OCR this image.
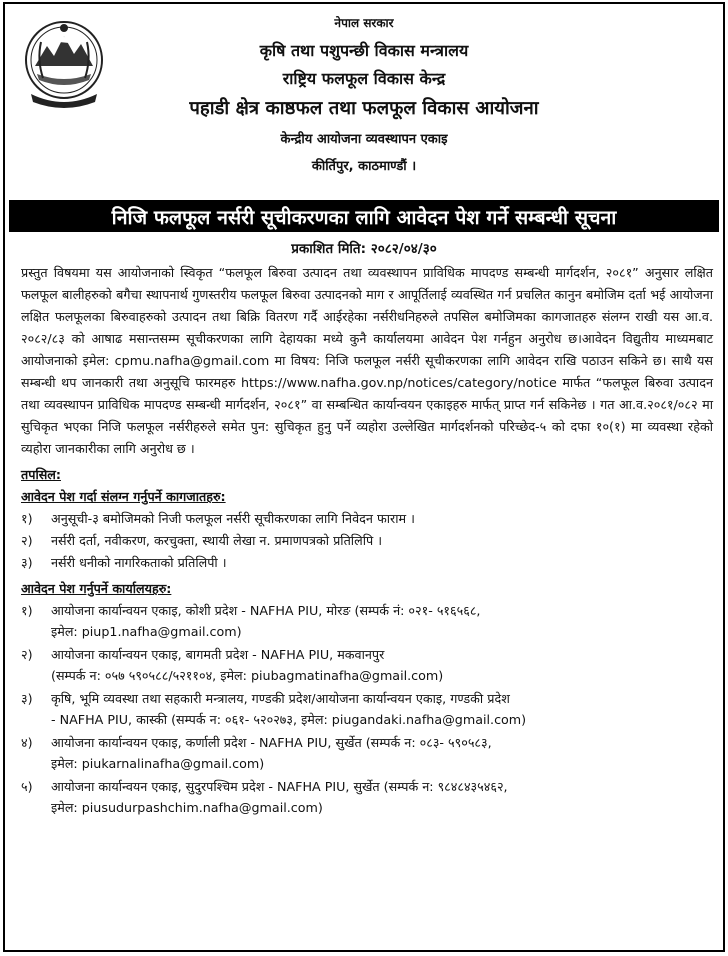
नेपाल सरकार
कृषि तथा पशुपन्छी विकास मन्त्रालय
राष्ट्रिय फलफूल विकास केन्द्र
पहाडी क्षेत्र काष्ठफल तथा फलफूल विकास आयोजना
केन्द्रीय आयोजना व्यवस्थापन एकाइ
कीर्तिपुर, काठमाण्डौं ।
निजि फलफूल नर्सरी सूचीकरणका लागि आवेदन पेश गर्ने सम्बन्धी सूचना
प्रकाशित मिति: २०८२/०४/३०
प्रस्तुत विषयमा यस आयोजनाको स्विकृत “फलफूल बिरुवा उत्पादन तथा व्यवस्थापन प्राविधिक मापदण्ड सम्बन्धी मार्गदर्शन, २०८१” अनुसार लक्षित फलफूल बालीहरुको बगैचा स्थापनार्थ गुणस्तरीय फलफूल बिरुवा उत्पादनको माग र आपूर्तिलाई व्यवस्थित गर्न प्रचलित कानुन बमोजिम दर्ता भई आयोजना लक्षित फलफूलका बिरुवाहरुको उत्पादन तथा बिक्रि वितरण गर्दै आईरहेका नर्सरीधनिहरुले तपसिल बमोजिमका कागजातहरु संलग्न राखी यस आ.व. २०८२/८३ को आषाढ मसान्तसम्म सूचीकरणका लागि देहायका मध्ये कुनै कार्यालयमा आवेदन पेश गर्नहुन अनुरोध छ।आवेदन विद्युतीय माध्यमबाट आयोजनाको इमेल: cpmu.nafha@gmail.com मा विषय: निजि फलफूल नर्सरी सूचीकरणका लागि आवेदन राखि पठाउन सकिने छ। साथै यस सम्बन्धी थप जानकारी तथा अनुसूचि फारमहरु https://www.nafha.gov.np/notices/category/notice मार्फत “फलफूल बिरुवा उत्पादन तथा व्यवस्थापन प्राविधिक मापदण्ड सम्बन्धी मार्गदर्शन, २०८१” वा सम्बन्धित कार्यान्वयन एकाइहरु मार्फत् प्राप्त गर्न सकिनेछ । गत आ.व.२०८१/०८२ मा सुचिकृत भएका निजि फलफूल नर्सरीहरुले समेत पुन: सुचिकृत हुनु पर्ने व्यहोरा उल्लेखित मार्गदर्शनको परिच्छेद-५ को दफा १०(१) मा व्यवस्था रहेको व्यहोरा जानकारीका लागि अनुरोध छ ।
तपसिल:
आवेदन पेश गर्दा संलग्न गर्नुपर्ने कागजातहरु:
१) अनुसूची-३ बमोजिमको निजी फलफूल नर्सरी सूचीकरणका लागि निवेदन फाराम ।
२) नर्सरी दर्ता, नवीकरण, करचुक्ता, स्थायी लेखा न. प्रमाणपत्रको प्रतिलिपि ।
३) नर्सरी धनीको नागरिकताको प्रतिलिपी ।
आवेदन पेश गर्नुपर्ने कार्यालयहरु:
१) आयोजना कार्यान्वयन एकाइ, कोशी प्रदेश - NAFHA PIU, मोरङ (सम्पर्क नं: ०२१- ५१६५६८,
इमेल: piup1.nafha@gmail.com)
२) आयोजना कार्यान्वयन एकाइ, बागमती प्रदेश - NAFHA PIU, मकवानपुर
(सम्पर्क न: ०५७ ५९०५८८/५२११०४, इमेल: piubagmatinafha@gmail.com)
३) कृषि, भूमि व्यवस्था तथा सहकारी मन्त्रालय, गण्डकी प्रदेश/आयोजना कार्यान्वयन एकाइ, गण्डकी प्रदेश
- NAFHA PIU, कास्की (सम्पर्क न: ०६१- ५२०२७३, इमेल: piugandaki.nafha@gmail.com)
४) आयोजना कार्यान्वयन एकाइ, कर्णाली प्रदेश - NAFHA PIU, सुर्खेत (सम्पर्क न: ०८३- ५९०५८३,
इमेल: piukarnalinafha@gmail.com)
५) आयोजना कार्यान्वयन एकाइ, सुदुरपश्चिम प्रदेश - NAFHA PIU, सुर्खेत (सम्पर्क न: ९८४८४३५४६२,
इमेल: piusudurpashchim.nafha@gmail.com)
